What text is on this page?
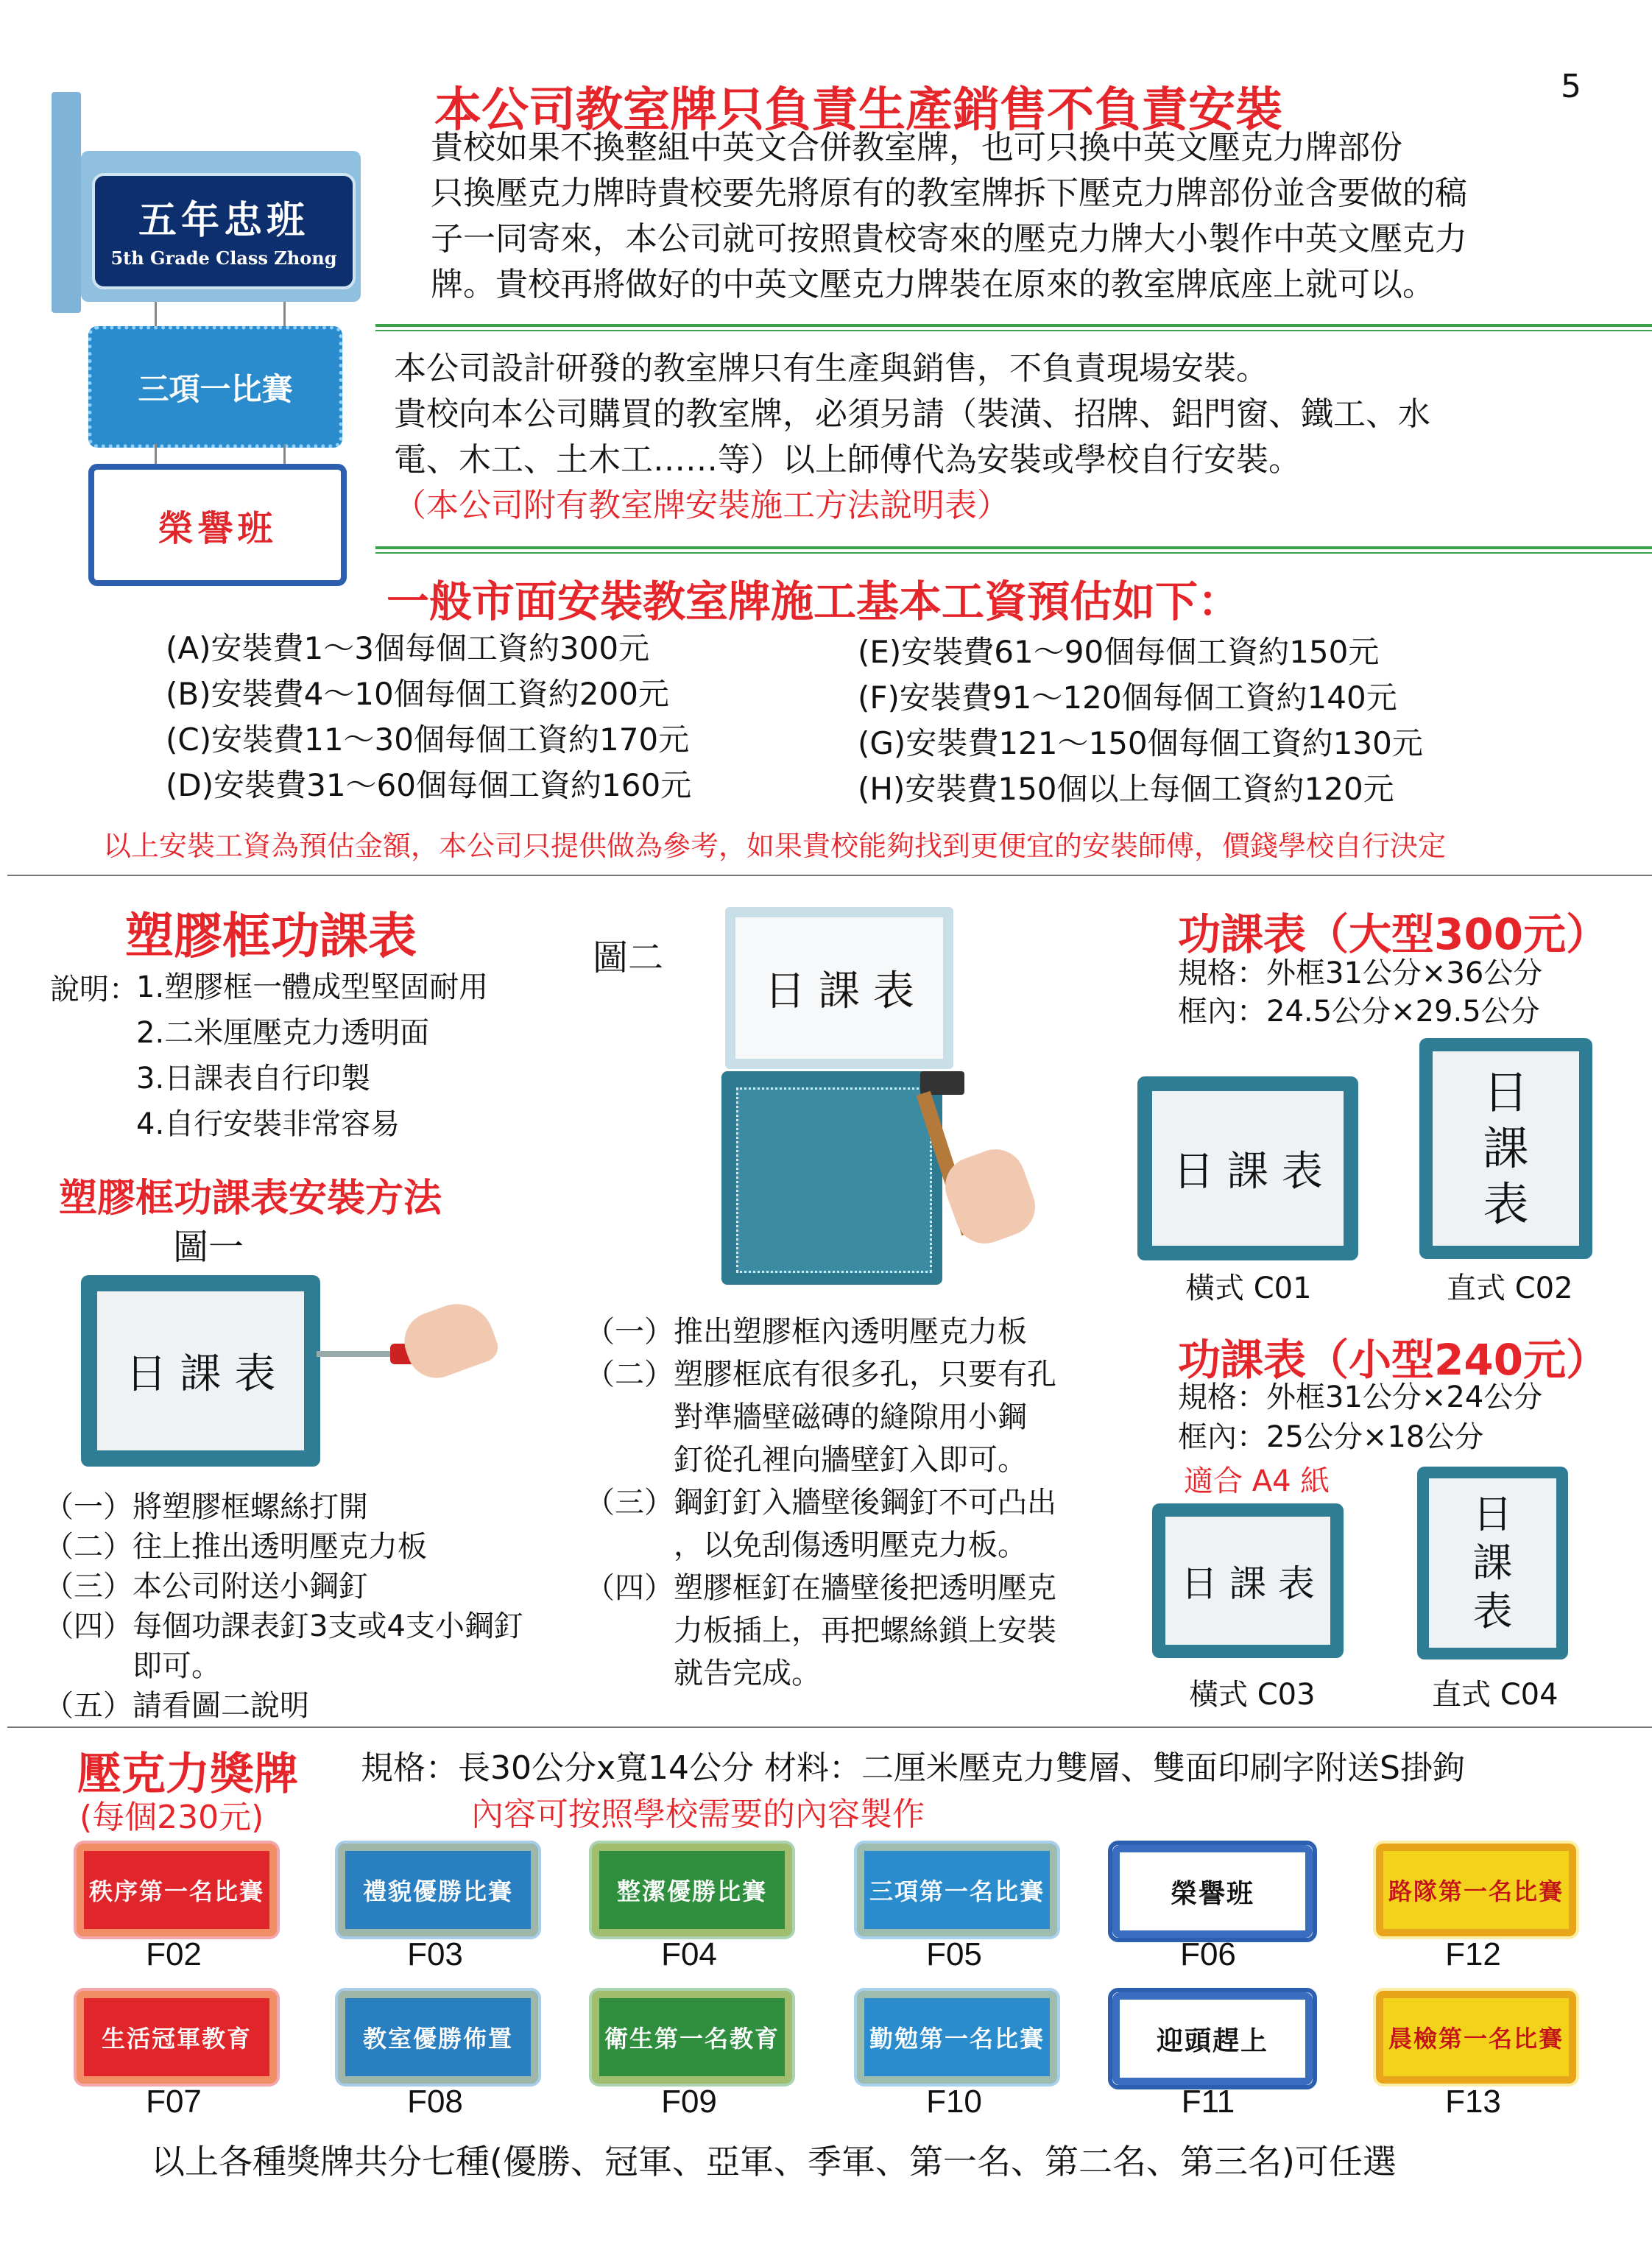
5
本公司教室牌只負責生產銷售不負責安裝
貴校如果不換整組中英文合併教室牌，也可只換中英文壓克力牌部份
只換壓克力牌時貴校要先將原有的教室牌拆下壓克力牌部份並含要做的稿
子一同寄來，本公司就可按照貴校寄來的壓克力牌大小製作中英文壓克力
牌。貴校再將做好的中英文壓克力牌裝在原來的教室牌底座上就可以。
本公司設計研發的教室牌只有生產與銷售，不負責現場安裝。
貴校向本公司購買的教室牌，必須另請（裝潢、招牌、鋁門窗、鐵工、水
電、木工、土木工……等）以上師傅代為安裝或學校自行安裝。
（本公司附有教室牌安裝施工方法說明表）
五年忠班
5th Grade Class Zhong
三項一比賽
榮譽班
一般市面安裝教室牌施工基本工資預估如下：
(A)安裝費1～3個每個工資約300元
(B)安裝費4～10個每個工資約200元
(C)安裝費11～30個每個工資約170元
(D)安裝費31～60個每個工資約160元
(E)安裝費61～90個每個工資約150元
(F)安裝費91～120個每個工資約140元
(G)安裝費121～150個每個工資約130元
(H)安裝費150個以上每個工資約120元
以上安裝工資為預估金額，本公司只提供做為參考，如果貴校能夠找到更便宜的安裝師傅，價錢學校自行決定
塑膠框功課表
說明：
1.塑膠框一體成型堅固耐用
2.二米厘壓克力透明面
3.日課表自行印製
4.自行安裝非常容易
塑膠框功課表安裝方法
圖一
日 課 表
（一）將塑膠框螺絲打開
（二）往上推出透明壓克力板
（三）本公司附送小鋼釘
（四）每個功課表釘3支或4支小鋼釘
　　　即可。
（五）請看圖二說明
圖二
日 課 表
（一）推出塑膠框內透明壓克力板
（二）塑膠框底有很多孔，只要有孔
　　　對準牆壁磁磚的縫隙用小鋼
　　　釘從孔裡向牆壁釘入即可。
（三）鋼釘釘入牆壁後鋼釘不可凸出
　　　，以免刮傷透明壓克力板。
（四）塑膠框釘在牆壁後把透明壓克
　　　力板插上，再把螺絲鎖上安裝
　　　就告完成。
功課表（大型300元）
規格：外框31公分×36公分
框內：24.5公分×29.5公分
日 課 表
日
課
表
橫式 C01	直式 C02
功課表（小型240元）
規格：外框31公分×24公分
框內：25公分×18公分
適合 A4 紙
日 課 表
日
課
表
橫式 C03	直式 C04
壓克力獎牌
(每個230元)
規格：長30公分x寬14公分 材料：二厘米壓克力雙層、雙面印刷字附送S掛鉤
內容可按照學校需要的內容製作
秩序第一名比賽
F02
禮貌優勝比賽
F03
整潔優勝比賽
F04
三項第一名比賽
F05
榮譽班
F06
路隊第一名比賽
F12
生活冠軍教育
F07
教室優勝佈置
F08
衛生第一名教育
F09
勤勉第一名比賽
F10
迎頭趕上
F11
晨檢第一名比賽
F13
以上各種獎牌共分七種(優勝、冠軍、亞軍、季軍、第一名、第二名、第三名)可任選
